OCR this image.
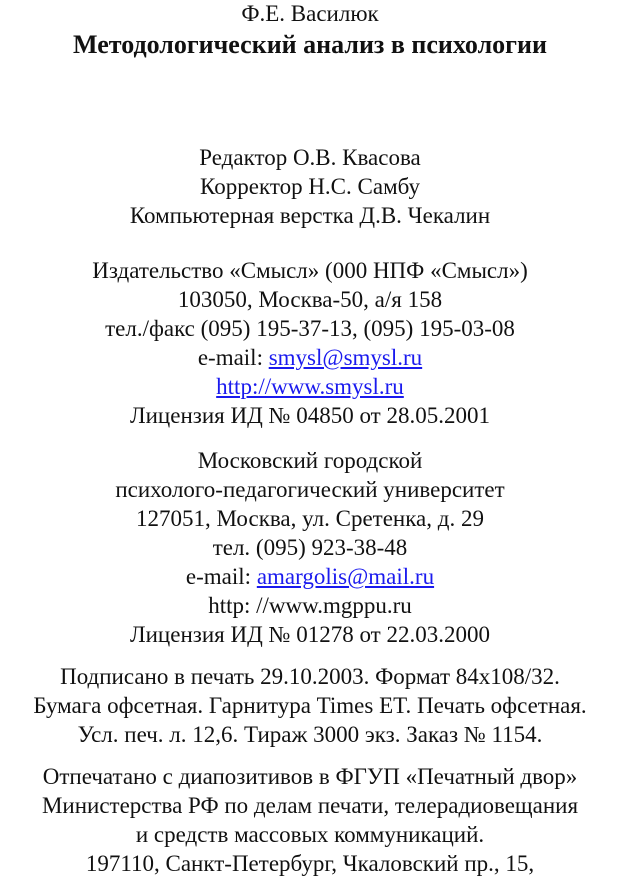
Ф.Е. Василюк
Методологический анализ в психологии
Редактор О.В. Квасова
Корректор Н.С. Самбу
Компьютерная верстка Д.В. Чекалин
Издательство «Смысл» (000 НПФ «Смысл»)
103050, Москва-50, а/я 158
тел./факс (095) 195-37-13, (095) 195-03-08
e-mail: smysl@smysl.ru
http://www.smysl.ru
Лицензия ИД № 04850 от 28.05.2001
Московский городской
психолого-педагогический университет
127051, Москва, ул. Сретенка, д. 29
тел. (095) 923-38-48
e-mail: amargolis@mail.ru
http: //www.mgppu.ru
Лицензия ИД № 01278 от 22.03.2000
Подписано в печать 29.10.2003. Формат 84x108/32.
Бумага офсетная. Гарнитура Times ET. Печать офсетная.
Усл. печ. л. 12,6. Тираж 3000 экз. Заказ № 1154.
Отпечатано с диапозитивов в ФГУП «Печатный двор»
Министерства РФ по делам печати, телерадиовещания
и средств массовых коммуникаций.
197110, Санкт-Петербург, Чкаловский пр., 15,
